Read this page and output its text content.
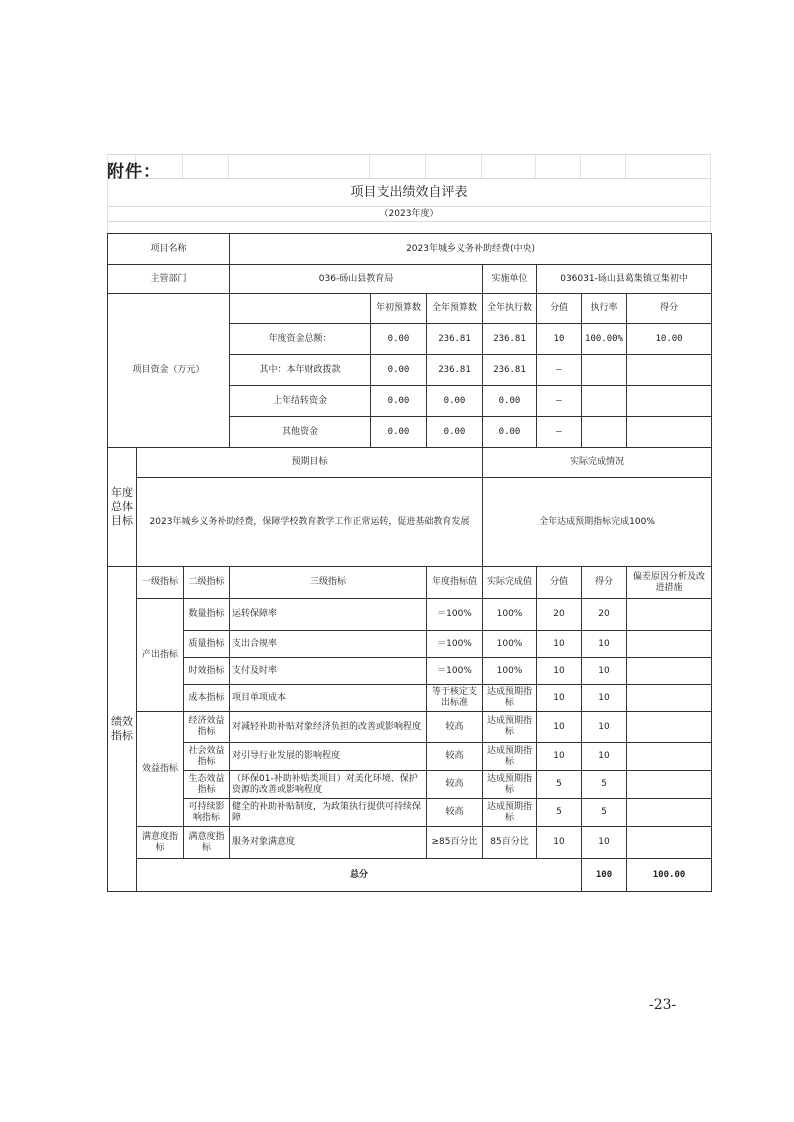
附件：
项目支出绩效自评表
（2023年度）
项目名称			2023年城乡义务补助经费(中央)							
主管部门			036-砀山县教育局			实施单位	036031-砀山县葛集镇豆集初中			
项目资金（万元）				年初预算数	全年预算数	全年执行数	分值	执行率	得分	
			年度资金总额：	0.00	236.81	236.81	10	100.00%	10.00	
			其中：本年财政拨款	0.00	236.81	236.81	–			
			上年结转资金	0.00	0.00	0.00	–			
			其他资金	0.00	0.00	0.00	–			
年度总体目标	预期目标					实际完成情况				
	2023年城乡义务补助经费，保障学校教育教学工作正常运转，促进基础教育发展					全年达成预期指标完成100%				
绩效指标	一级指标	二级指标	三级指标		年度指标值	实际完成值	分值	得分	偏差原因分析及改进措施	
	产出指标	数量指标	运转保障率		＝100%	100%	20	20		
		质量指标	支出合规率		＝100%	100%	10	10		
		时效指标	支付及时率		＝100%	100%	10	10		
		成本指标	项目单项成本		等于核定支出标准	达成预期指标	10	10		
	效益指标	经济效益指标	对减轻补助补贴对象经济负担的改善或影响程度		较高	达成预期指标	10	10		
		社会效益指标	对引导行业发展的影响程度		较高	达成预期指标	10	10		
		生态效益指标	（环保01-补助补贴类项目）对美化环境、保护资源的改善或影响程度		较高	达成预期指标	5	5		
		可持续影响指标	健全的补助补贴制度，为政策执行提供可持续保障		较高	达成预期指标	5	5		
	满意度指标	满意度指标	服务对象满意度		≥85百分比	85百分比	10	10		
	总分							100	100.00	
-23-
